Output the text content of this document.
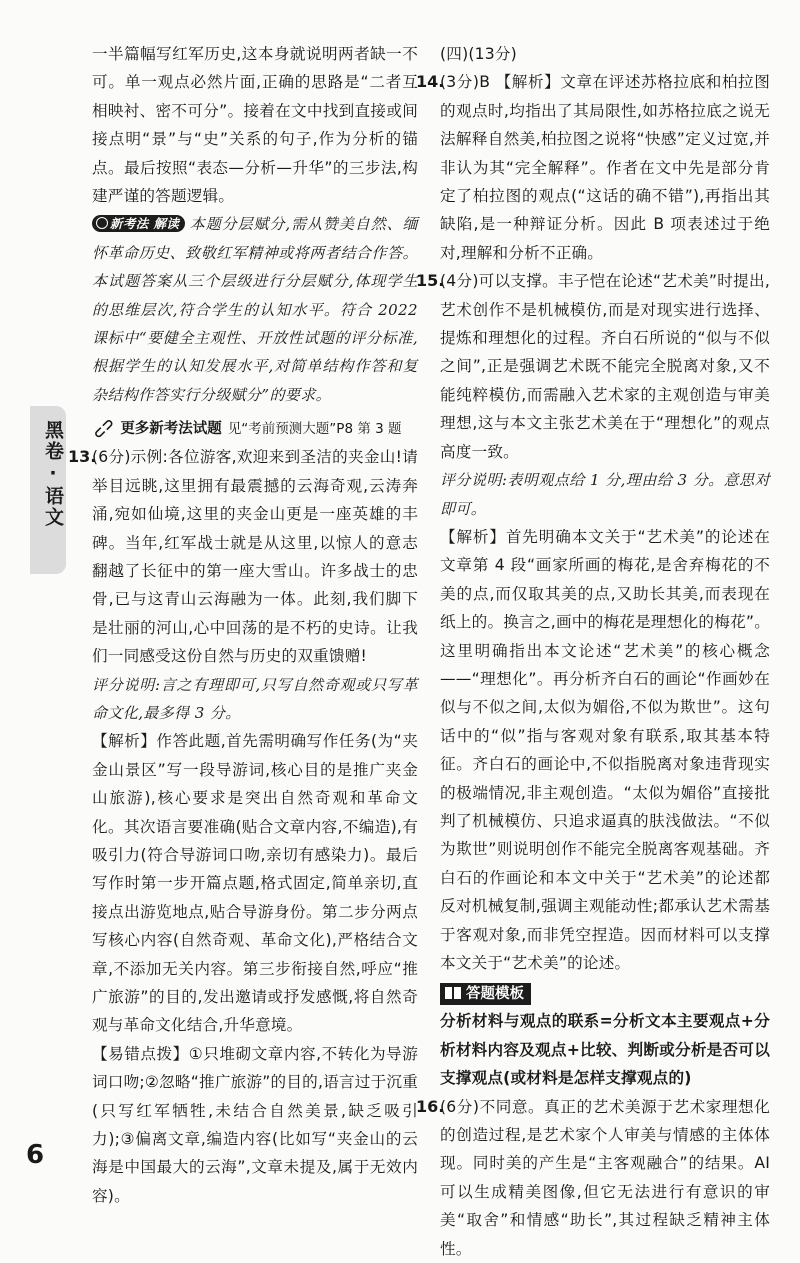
黑卷·语文

一半篇幅写红军历史,这本身就说明两者缺一不可。单一观点必然片面,正确的思路是“二者互相映衬、密不可分”。接着在文中找到直接或间接点明“景”与“史”关系的句子,作为分析的锚点。最后按照“表态—分析—升华”的三步法,构建严谨的答题逻辑。

新考法 解读 本题分层赋分,需从赞美自然、缅怀革命历史、致敬红军精神或将两者结合作答。本试题答案从三个层级进行分层赋分,体现学生的思维层次,符合学生的认知水平。符合 2022 课标中“要健全主观性、开放性试题的评分标准,根据学生的认知发展水平,对简单结构作答和复杂结构作答实行分级赋分”的要求。

⊂⊃ 更多新考法试题 见“考前预测大题”P8 第 3 题
13.

(6分)示例:各位游客,欢迎来到圣洁的夹金山!请举目远眺,这里拥有最震撼的云海奇观,云涛奔涌,宛如仙境,这里的夹金山更是一座英雄的丰碑。当年,红军战士就是从这里,以惊人的意志翻越了长征中的第一座大雪山。许多战士的忠骨,已与这青山云海融为一体。此刻,我们脚下是壮丽的河山,心中回荡的是不朽的史诗。让我们一同感受这份自然与历史的双重馈赠!

评分说明:言之有理即可,只写自然奇观或只写革命文化,最多得 3 分。

【解析】作答此题,首先需明确写作任务(为“夹金山景区”写一段导游词,核心目的是推广夹金山旅游),核心要求是突出自然奇观和革命文化。其次语言要准确(贴合文章内容,不编造),有吸引力(符合导游词口吻,亲切有感染力)。最后写作时第一步开篇点题,格式固定,简单亲切,直接点出游览地点,贴合导游身份。第二步分两点写核心内容(自然奇观、革命文化),严格结合文章,不添加无关内容。第三步衔接自然,呼应“推广旅游”的目的,发出邀请或抒发感慨,将自然奇观与革命文化结合,升华意境。

【易错点拨】①只堆砌文章内容,不转化为导游词口吻;②忽略“推广旅游”的目的,语言过于沉重(只写红军牺牲,未结合自然美景,缺乏吸引力);③偏离文章,编造内容(比如写“夹金山的云海是中国最大的云海”,文章未提及,属于无效内容)。

(四)(13分)

14.

(3分)B 【解析】文章在评述苏格拉底和柏拉图的观点时,均指出了其局限性,如苏格拉底之说无法解释自然美,柏拉图之说将“快感”定义过宽,并非认为其“完全解释”。作者在文中先是部分肯定了柏拉图的观点(“这话的确不错”),再指出其缺陷,是一种辩证分析。因此 B 项表述过于绝对,理解和分析不正确。

15.

(4分)可以支撑。丰子恺在论述“艺术美”时提出,艺术创作不是机械模仿,而是对现实进行选择、提炼和理想化的过程。齐白石所说的“似与不似之间”,正是强调艺术既不能完全脱离对象,又不能纯粹模仿,而需融入艺术家的主观创造与审美理想,这与本文主张艺术美在于“理想化”的观点高度一致。

评分说明:表明观点给 1 分,理由给 3 分。意思对即可。

【解析】首先明确本文关于“艺术美”的论述在文章第 4 段“画家所画的梅花,是舍弃梅花的不美的点,而仅取其美的点,又助长其美,而表现在纸上的。换言之,画中的梅花是理想化的梅花”。这里明确指出本文论述“艺术美”的核心概念——“理想化”。再分析齐白石的画论“作画妙在似与不似之间,太似为媚俗,不似为欺世”。这句话中的“似”指与客观对象有联系,取其基本特征。齐白石的画论中,不似指脱离对象违背现实的极端情况,非主观创造。“太似为媚俗”直接批判了机械模仿、只追求逼真的肤浅做法。“不似为欺世”则说明创作不能完全脱离客观基础。齐白石的作画论和本文中关于“艺术美”的论述都反对机械复制,强调主观能动性;都承认艺术需基于客观对象,而非凭空捏造。因而材料可以支撑本文关于“艺术美”的论述。

答题模板

分析材料与观点的联系=分析文本主要观点+分析材料内容及观点+比较、判断或分析是否可以支撑观点(或材料是怎样支撑观点的)

16.

(6分)不同意。真正的艺术美源于艺术家理想化的创造过程,是艺术家个人审美与情感的主体体现。同时美的产生是“主客观融合”的结果。AI 可以生成精美图像,但它无法进行有意识的审美“取舍”和情感“助长”,其过程缺乏精神主体性。

6
